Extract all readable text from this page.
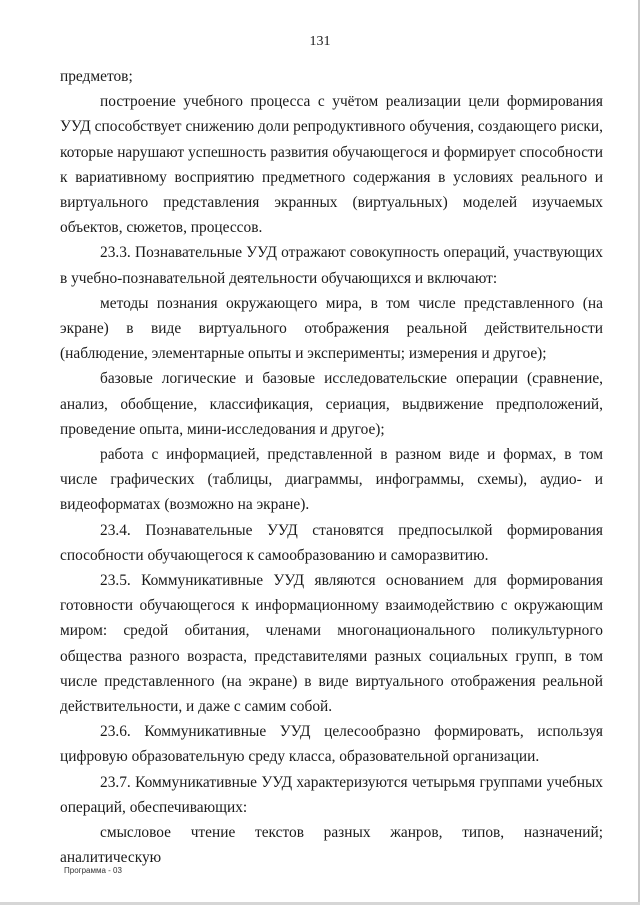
131

предметов;

построение учебного процесса с учётом реализации цели формирования УУД способствует снижению доли репродуктивного обучения, создающего риски, которые нарушают успешность развития обучающегося и формирует способности к вариативному восприятию предметного содержания в условиях реального и виртуального представления экранных (виртуальных) моделей изучаемых объектов, сюжетов, процессов.

23.3. Познавательные УУД отражают совокупность операций, участвующих в учебно-познавательной деятельности обучающихся и включают:

методы познания окружающего мира, в том числе представленного (на экране) в виде виртуального отображения реальной действительности (наблюдение, элементарные опыты и эксперименты; измерения и другое);

базовые логические и базовые исследовательские операции (сравнение, анализ, обобщение, классификация, сериация, выдвижение предположений, проведение опыта, мини-исследования и другое);

работа с информацией, представленной в разном виде и формах, в том числе графических (таблицы, диаграммы, инфограммы, схемы), аудио- и видеоформатах (возможно на экране).

23.4. Познавательные УУД становятся предпосылкой формирования способности обучающегося к самообразованию и саморазвитию.

23.5. Коммуникативные УУД являются основанием для формирования готовности обучающегося к информационному взаимодействию с окружающим миром: средой обитания, членами многонационального поликультурного общества разного возраста, представителями разных социальных групп, в том числе представленного (на экране) в виде виртуального отображения реальной действительности, и даже с самим собой.

23.6. Коммуникативные УУД целесообразно формировать, используя цифровую образовательную среду класса, образовательной организации.

23.7. Коммуникативные УУД характеризуются четырьмя группами учебных операций, обеспечивающих:

смысловое чтение текстов разных жанров, типов, назначений; аналитическую

Программа - 03
